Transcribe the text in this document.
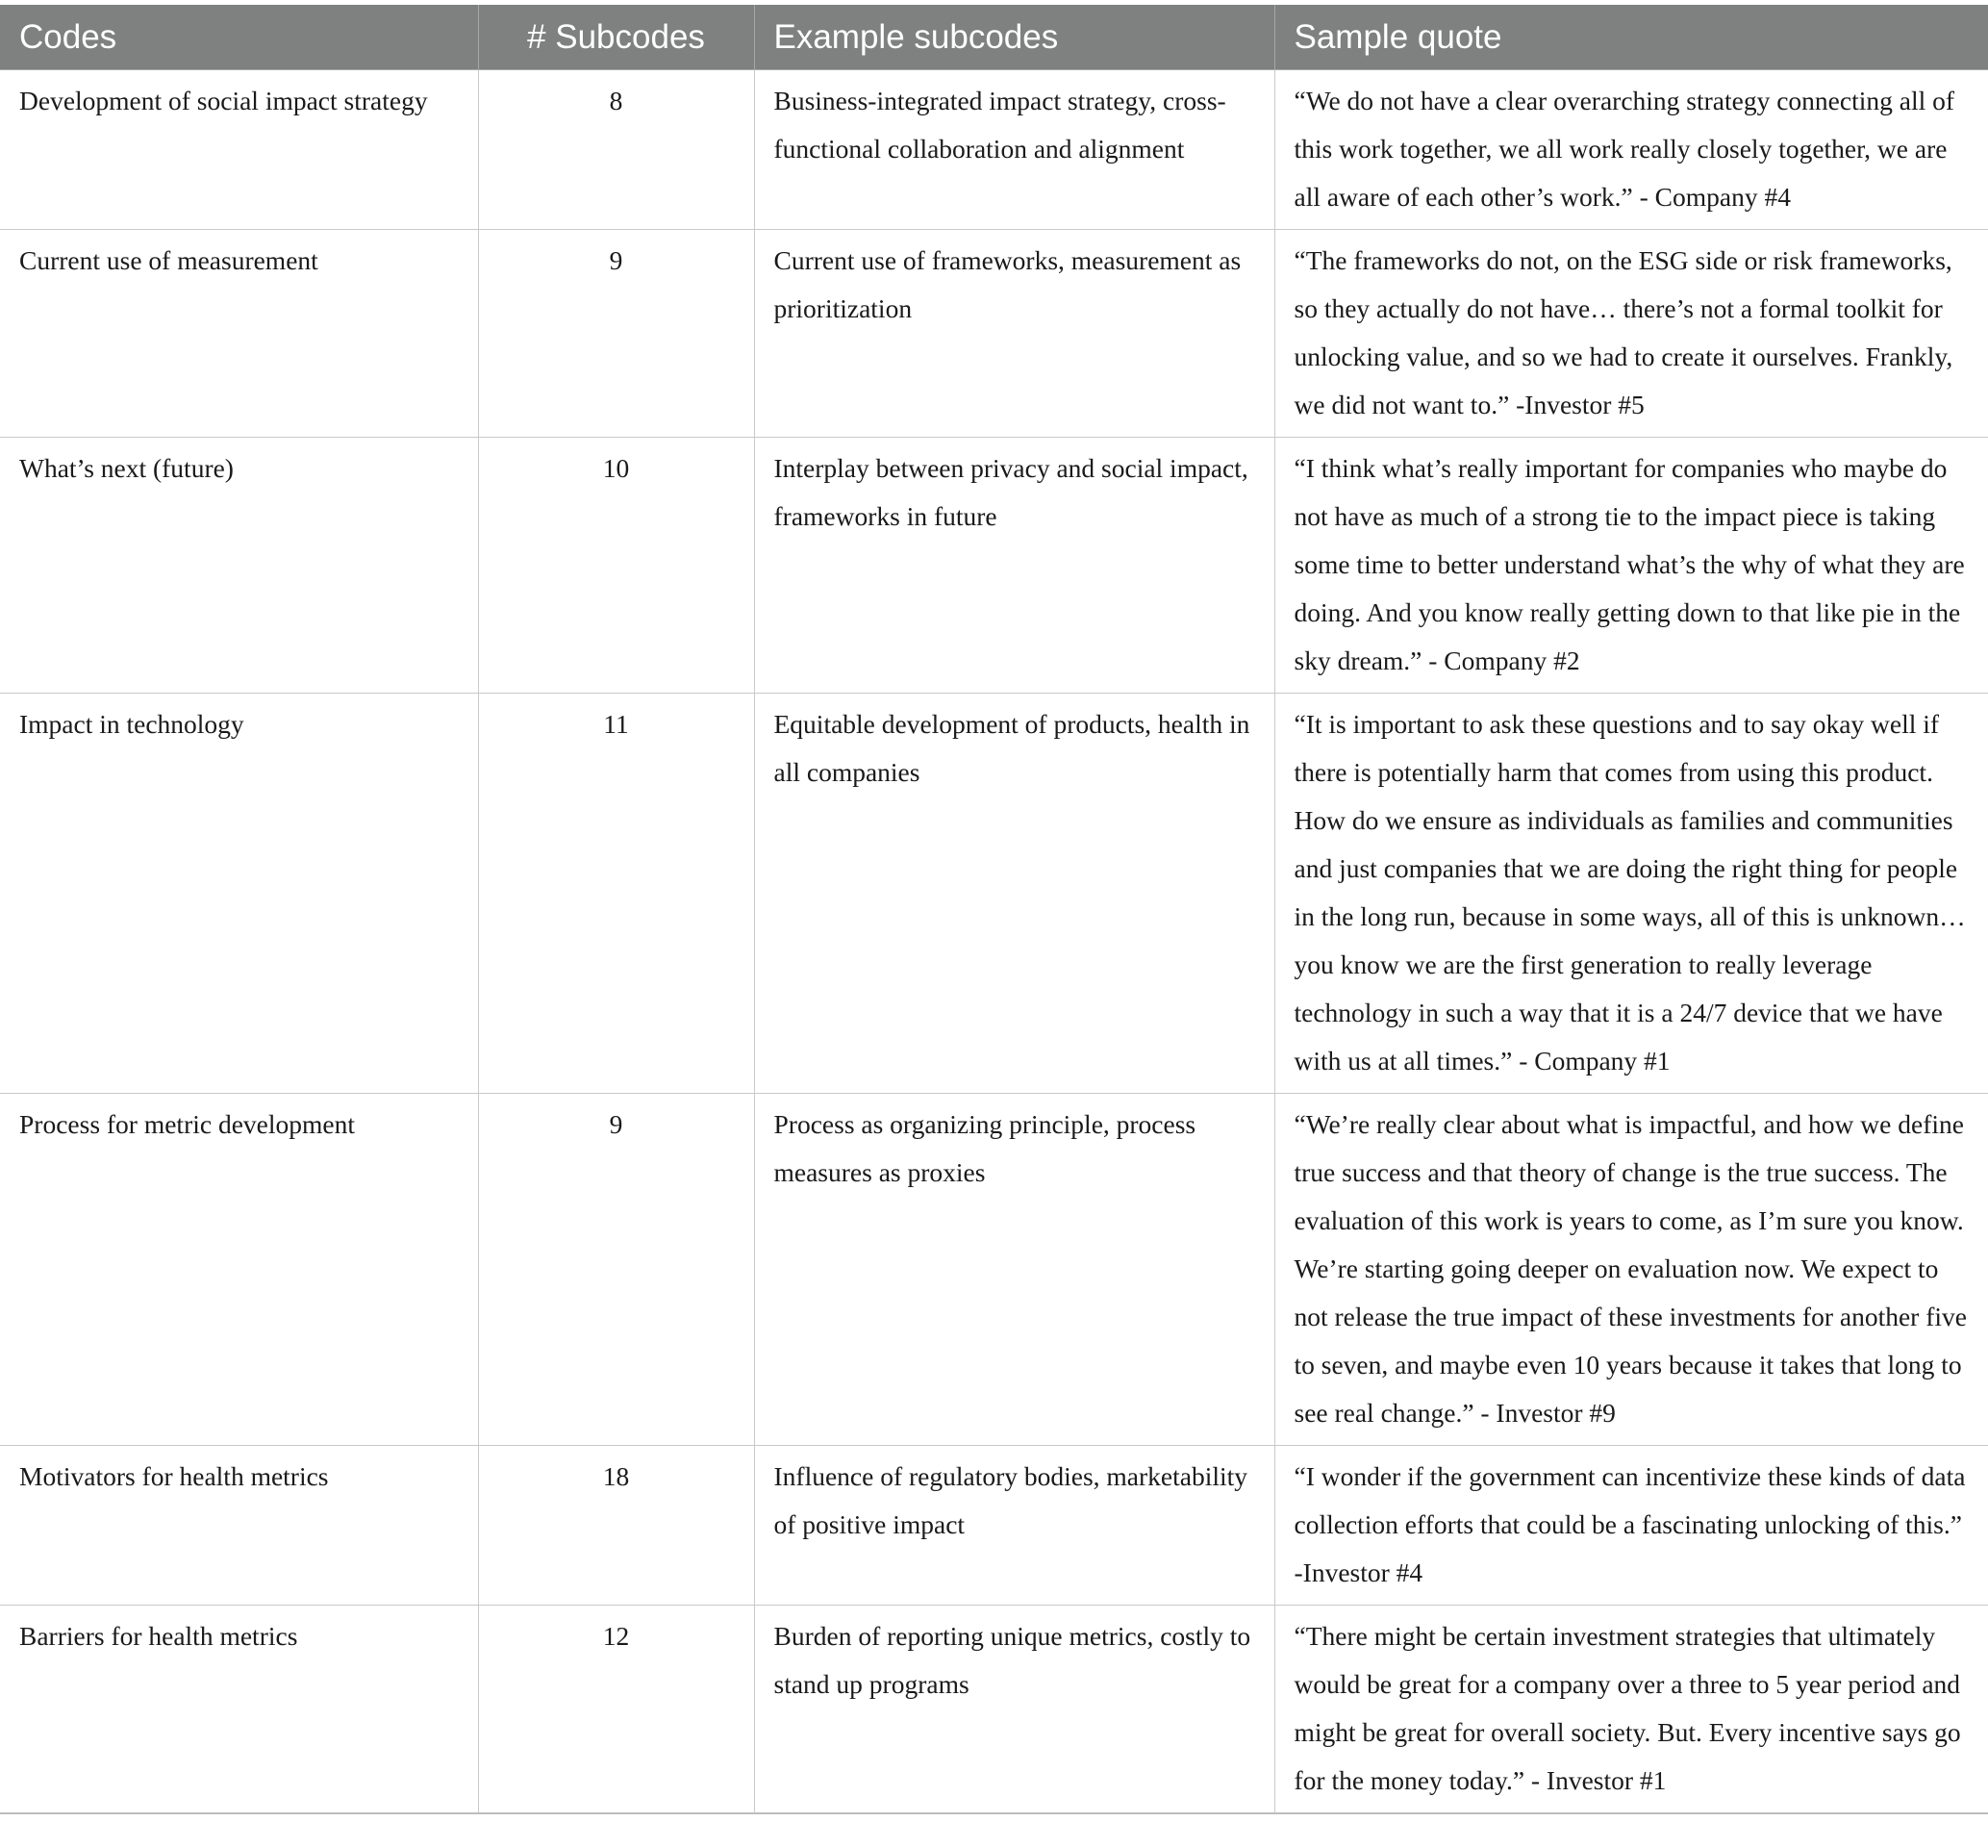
Codes	# Subcodes	Example subcodes	Sample quote
Development of social impact strategy	8	Business-integrated impact strategy, cross-functional collaboration and alignment	“We do not have a clear overarching strategy connecting all of this work together, we all work really closely together, we are all aware of each other’s work.” - Company #4
Current use of measurement	9	Current use of frameworks, measurement as prioritization	“The frameworks do not, on the ESG side or risk frameworks, so they actually do not have… there’s not a formal toolkit for unlocking value, and so we had to create it ourselves. Frankly, we did not want to.” -Investor #5
What’s next (future)	10	Interplay between privacy and social impact, frameworks in future	“I think what’s really important for companies who maybe do not have as much of a strong tie to the impact piece is taking some time to better understand what’s the why of what they are doing. And you know really getting down to that like pie in the sky dream.” - Company #2
Impact in technology	11	Equitable development of products, health in all companies	“It is important to ask these questions and to say okay well if there is potentially harm that comes from using this product. How do we ensure as individuals as families and communities and just companies that we are doing the right thing for people in the long run, because in some ways, all of this is unknown… you know we are the first generation to really leverage technology in such a way that it is a 24/7 device that we have with us at all times.” - Company #1
Process for metric development	9	Process as organizing principle, process measures as proxies	“We’re really clear about what is impactful, and how we define true success and that theory of change is the true success. The evaluation of this work is years to come, as I’m sure you know. We’re starting going deeper on evaluation now. We expect to not release the true impact of these investments for another five to seven, and maybe even 10 years because it takes that long to see real change.” - Investor #9
Motivators for health metrics	18	Influence of regulatory bodies, marketability of positive impact	“I wonder if the government can incentivize these kinds of data collection efforts that could be a fascinating unlocking of this.” -Investor #4
Barriers for health metrics	12	Burden of reporting unique metrics, costly to stand up programs	“There might be certain investment strategies that ultimately would be great for a company over a three to 5 year period and might be great for overall society. But. Every incentive says go for the money today.” - Investor #1
